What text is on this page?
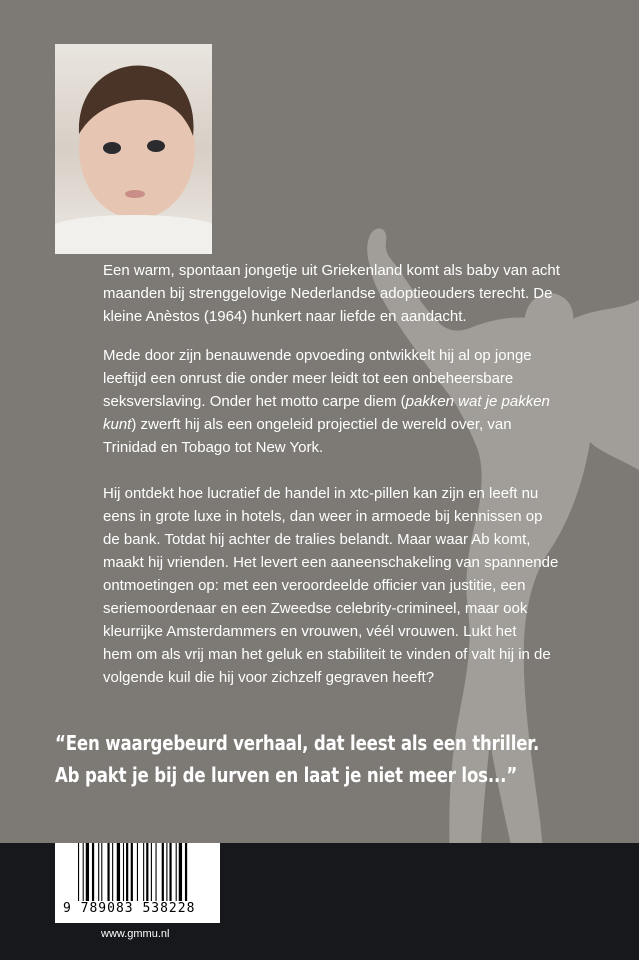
Een warm, spontaan jongetje uit Griekenland komt als baby van acht
maanden bij strenggelovige Nederlandse adoptieouders terecht. De
kleine Anèstos (1964) hunkert naar liefde en aandacht.
Mede door zijn benauwende opvoeding ontwikkelt hij al op jonge
leeftijd een onrust die onder meer leidt tot een onbeheersbare
seksverslaving. Onder het motto carpe diem (pakken wat je pakken
kunt) zwerft hij als een ongeleid projectiel de wereld over, van
Trinidad en Tobago tot New York.
Hij ontdekt hoe lucratief de handel in xtc-pillen kan zijn en leeft nu
eens in grote luxe in hotels, dan weer in armoede bij kennissen op
de bank. Totdat hij achter de tralies belandt. Maar waar Ab komt,
maakt hij vrienden. Het levert een aaneenschakeling van spannende
ontmoetingen op: met een veroordeelde officier van justitie, een
seriemoordenaar en een Zweedse celebrity-crimineel, maar ook
kleurrijke Amsterdammers en vrouwen, véél vrouwen. Lukt het
hem om als vrij man het geluk en stabiliteit te vinden of valt hij in de
volgende kuil die hij voor zichzelf gegraven heeft?
“Een waargebeurd verhaal, dat leest als een thriller.
Ab pakt je bij de lurven en laat je niet meer los...”
9 789083 538228
www.gmmu.nl
